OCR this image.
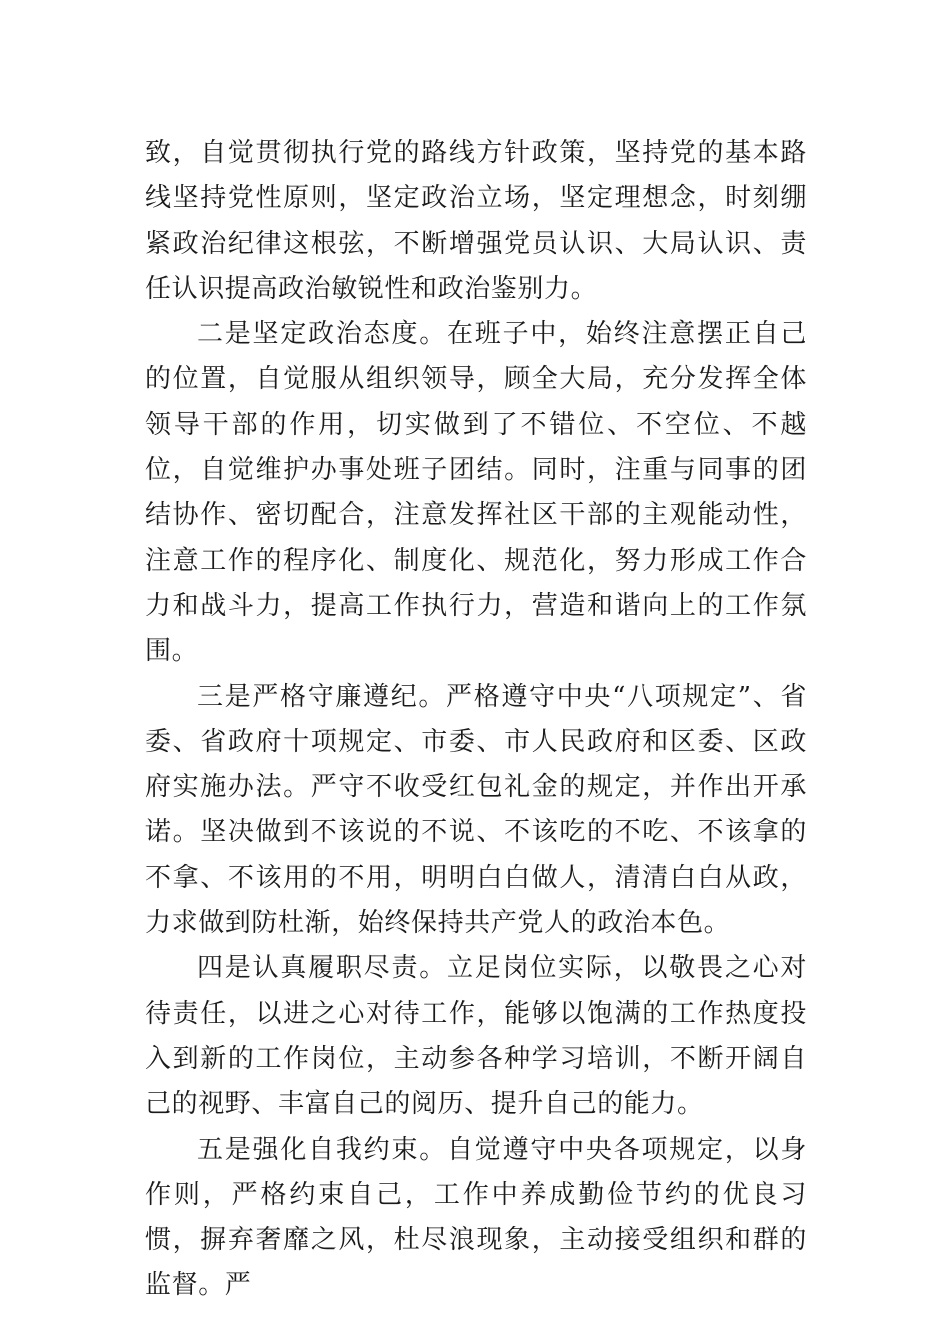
致，自觉贯彻执行党的路线方针政策，坚持党的基本路线坚持党性原则，坚定政治立场，坚定理想念，时刻绷紧政治纪律这根弦，不断增强党员认识、大局认识、责任认识提高政治敏锐性和政治鉴别力。

二是坚定政治态度。在班子中，始终注意摆正自己的位置，自觉服从组织领导，顾全大局，充分发挥全体领导干部的作用，切实做到了不错位、不空位、不越位，自觉维护办事处班子团结。同时，注重与同事的团结协作、密切配合，注意发挥社区干部的主观能动性，注意工作的程序化、制度化、规范化，努力形成工作合力和战斗力，提高工作执行力，营造和谐向上的工作氛围。

三是严格守廉遵纪。严格遵守中央“八项规定”、省委、省政府十项规定、市委、市人民政府和区委、区政府实施办法。严守不收受红包礼金的规定，并作出开承诺。坚决做到不该说的不说、不该吃的不吃、不该拿的不拿、不该用的不用，明明白白做人，清清白白从政，力求做到防杜渐，始终保持共产党人的政治本色。

四是认真履职尽责。立足岗位实际，以敬畏之心对待责任，以进之心对待工作，能够以饱满的工作热度投入到新的工作岗位，主动参各种学习培训，不断开阔自己的视野、丰富自己的阅历、提升自己的能力。

五是强化自我约束。自觉遵守中央各项规定，以身作则，严格约束自己，工作中养成勤俭节约的优良习惯，摒弃奢靡之风，杜尽浪现象，主动接受组织和群的监督。严
